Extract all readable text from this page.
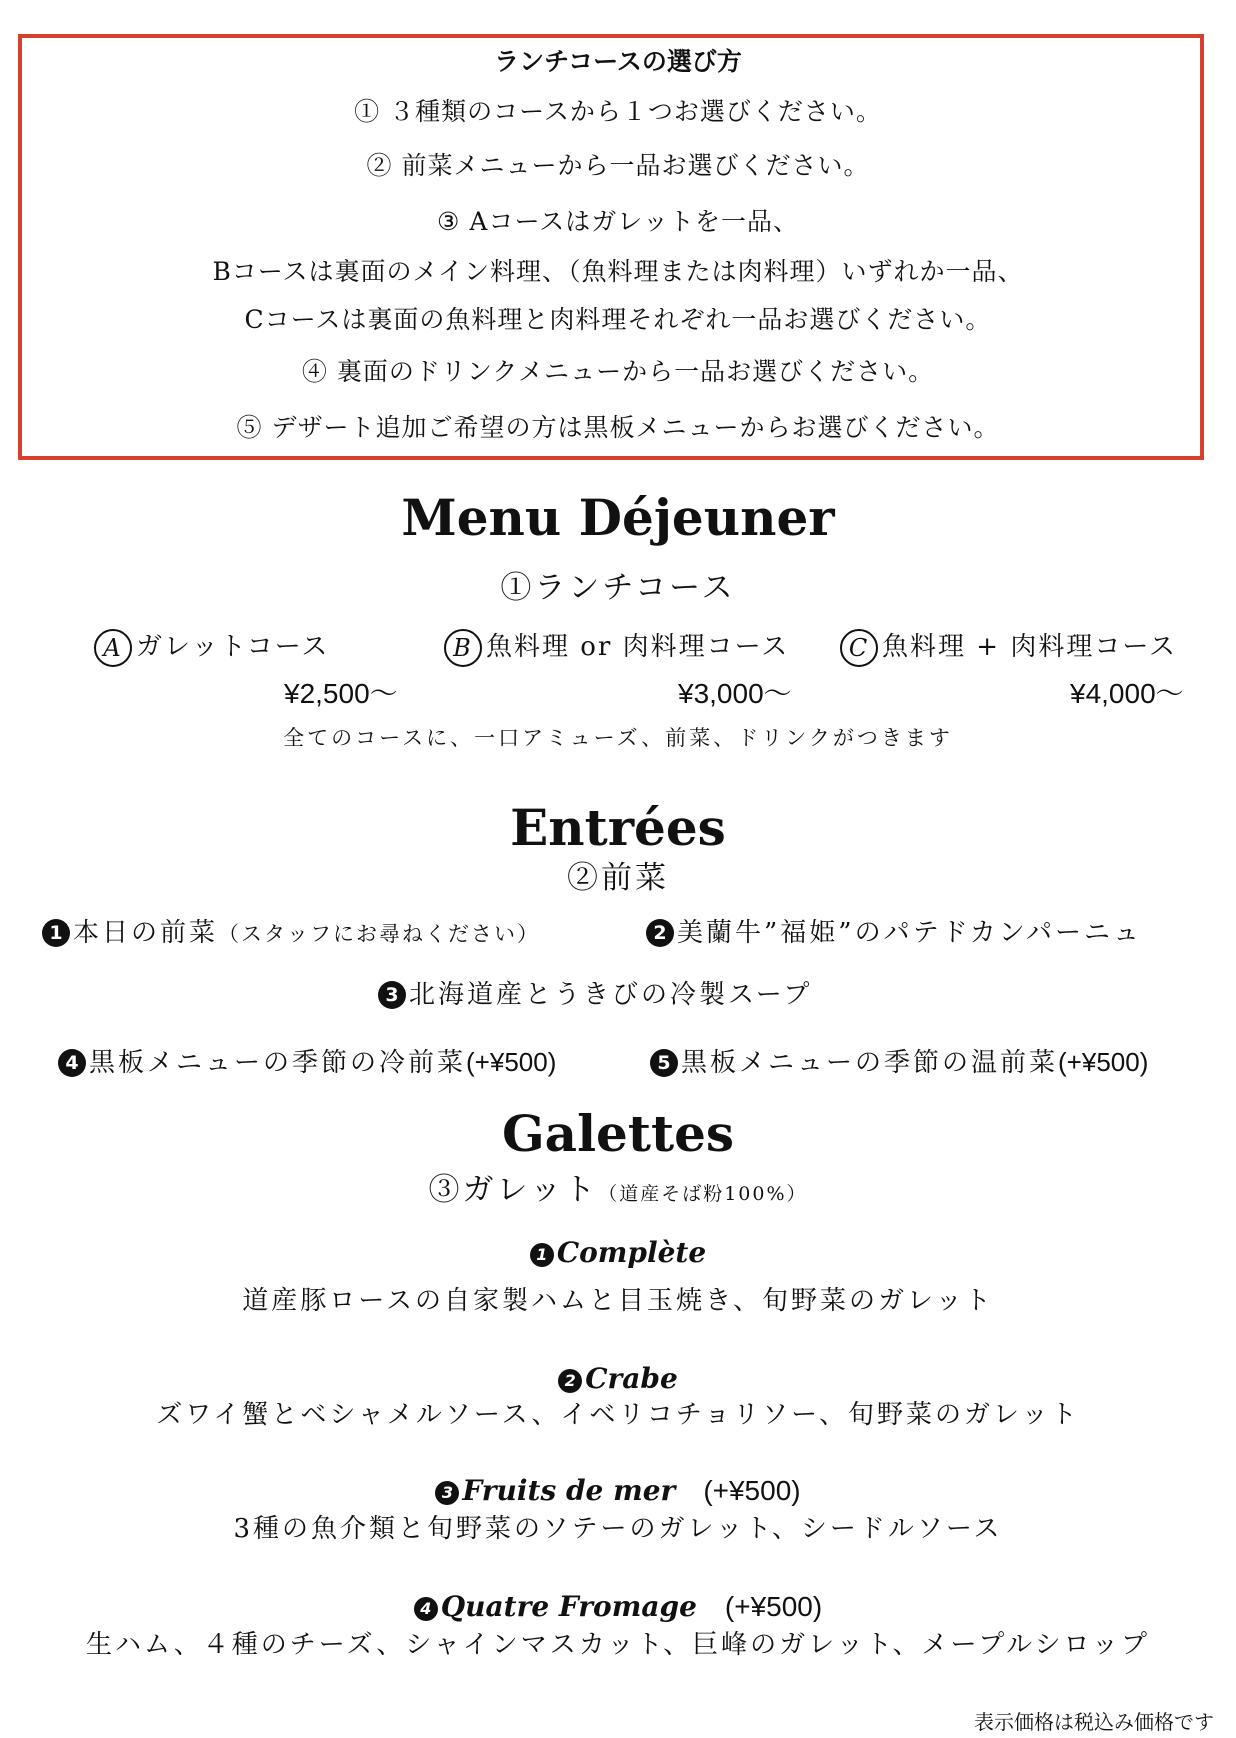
ランチコースの選び方
① ３種類のコースから１つお選びください。
② 前菜メニューから一品お選びください。
③ Aコースはガレットを一品、
Bコースは裏面のメイン料理、（魚料理または肉料理）いずれか一品、
Cコースは裏面の魚料理と肉料理それぞれ一品お選びください。
④ 裏面のドリンクメニューから一品お選びください。
⑤ デザート追加ご希望の方は黒板メニューからお選びください。
Menu Déjeuner
①ランチコース
A ガレットコース
¥2,500〜
B 魚料理 or 肉料理コース
¥3,000〜
C 魚料理 + 肉料理コース
¥4,000〜
全てのコースに、一口アミューズ、前菜、ドリンクがつきます
Entrées
②前菜
1 本日の前菜（スタッフにお尋ねください）	2 美蘭牛”福姫”のパテドカンパーニュ
3 北海道産とうきびの冷製スープ
4 黒板メニューの季節の冷前菜(+¥500)	5 黒板メニューの季節の温前菜(+¥500)
Galettes
③ガレット（道産そば粉100%）
1 Complète
道産豚ロースの自家製ハムと目玉焼き、旬野菜のガレット
2 Crabe
ズワイ蟹とベシャメルソース、イベリコチョリソー、旬野菜のガレット
3 Fruits de mer (+¥500)
3種の魚介類と旬野菜のソテーのガレット、シードルソース
4 Quatre Fromage (+¥500)
生ハム、４種のチーズ、シャインマスカット、巨峰のガレット、メープルシロップ
表示価格は税込み価格です
